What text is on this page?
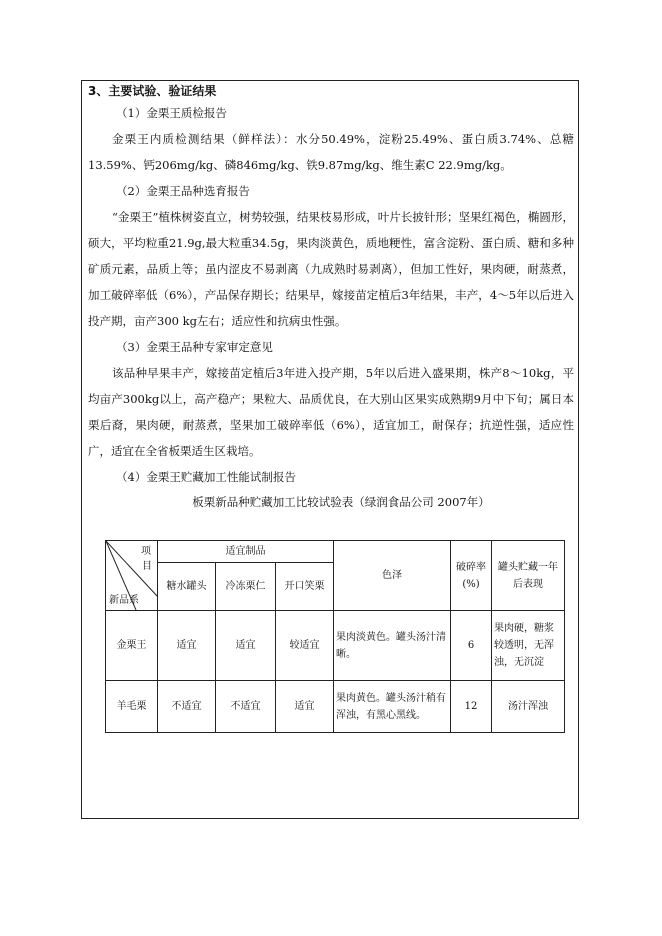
3、主要试验、验证结果
（1）金栗王质检报告

金栗王内质检测结果（鲜样法）：水分50.49%，淀粉25.49%、蛋白质3.74%、总糖13.59%、钙206mg/kg、磷846mg/kg、铁9.87mg/kg、维生素C 22.9mg/kg。

（2）金栗王品种选育报告

“金栗王”植株树姿直立，树势较强，结果枝易形成，叶片长披针形；坚果红褐色，椭圆形，硕大，平均粒重21.9g,最大粒重34.5g，果肉淡黄色，质地粳性，富含淀粉、蛋白质、糖和多种矿质元素，品质上等；虽内涩皮不易剥离（九成熟时易剥离），但加工性好，果肉硬，耐蒸煮，加工破碎率低（6%），产品保存期长；结果早，嫁接苗定植后3年结果，丰产，4～5年以后进入投产期，亩产300 kg左右；适应性和抗病虫性强。

（3）金栗王品种专家审定意见

该品种早果丰产，嫁接苗定植后3年进入投产期，5年以后进入盛果期，株产8～10kg，平均亩产300kg以上，高产稳产；果粒大、品质优良，在大别山区果实成熟期9月中下旬；属日本栗后裔，果肉硬，耐蒸煮，坚果加工破碎率低（6%），适宜加工，耐保存；抗逆性强，适应性广，适宜在全省板栗适生区栽培。

（4）金栗王贮藏加工性能试制报告
板栗新品种贮藏加工比较试验表（绿润食品公司 2007年）
项
目
新品系	适宜制品			色泽	破碎率(%)	罐头贮藏一年后表现
	糖水罐头	冷冻栗仁	开口笑栗			
金栗王	适宜	适宜	较适宜	果肉淡黄色。罐头汤汁清晰。	6	果肉硬，糖浆较透明，无浑浊，无沉淀
羊毛栗	不适宜	不适宜	适宜	果肉黄色。罐头汤汁稍有浑浊，有黑心黑线。	12	汤汁浑浊
